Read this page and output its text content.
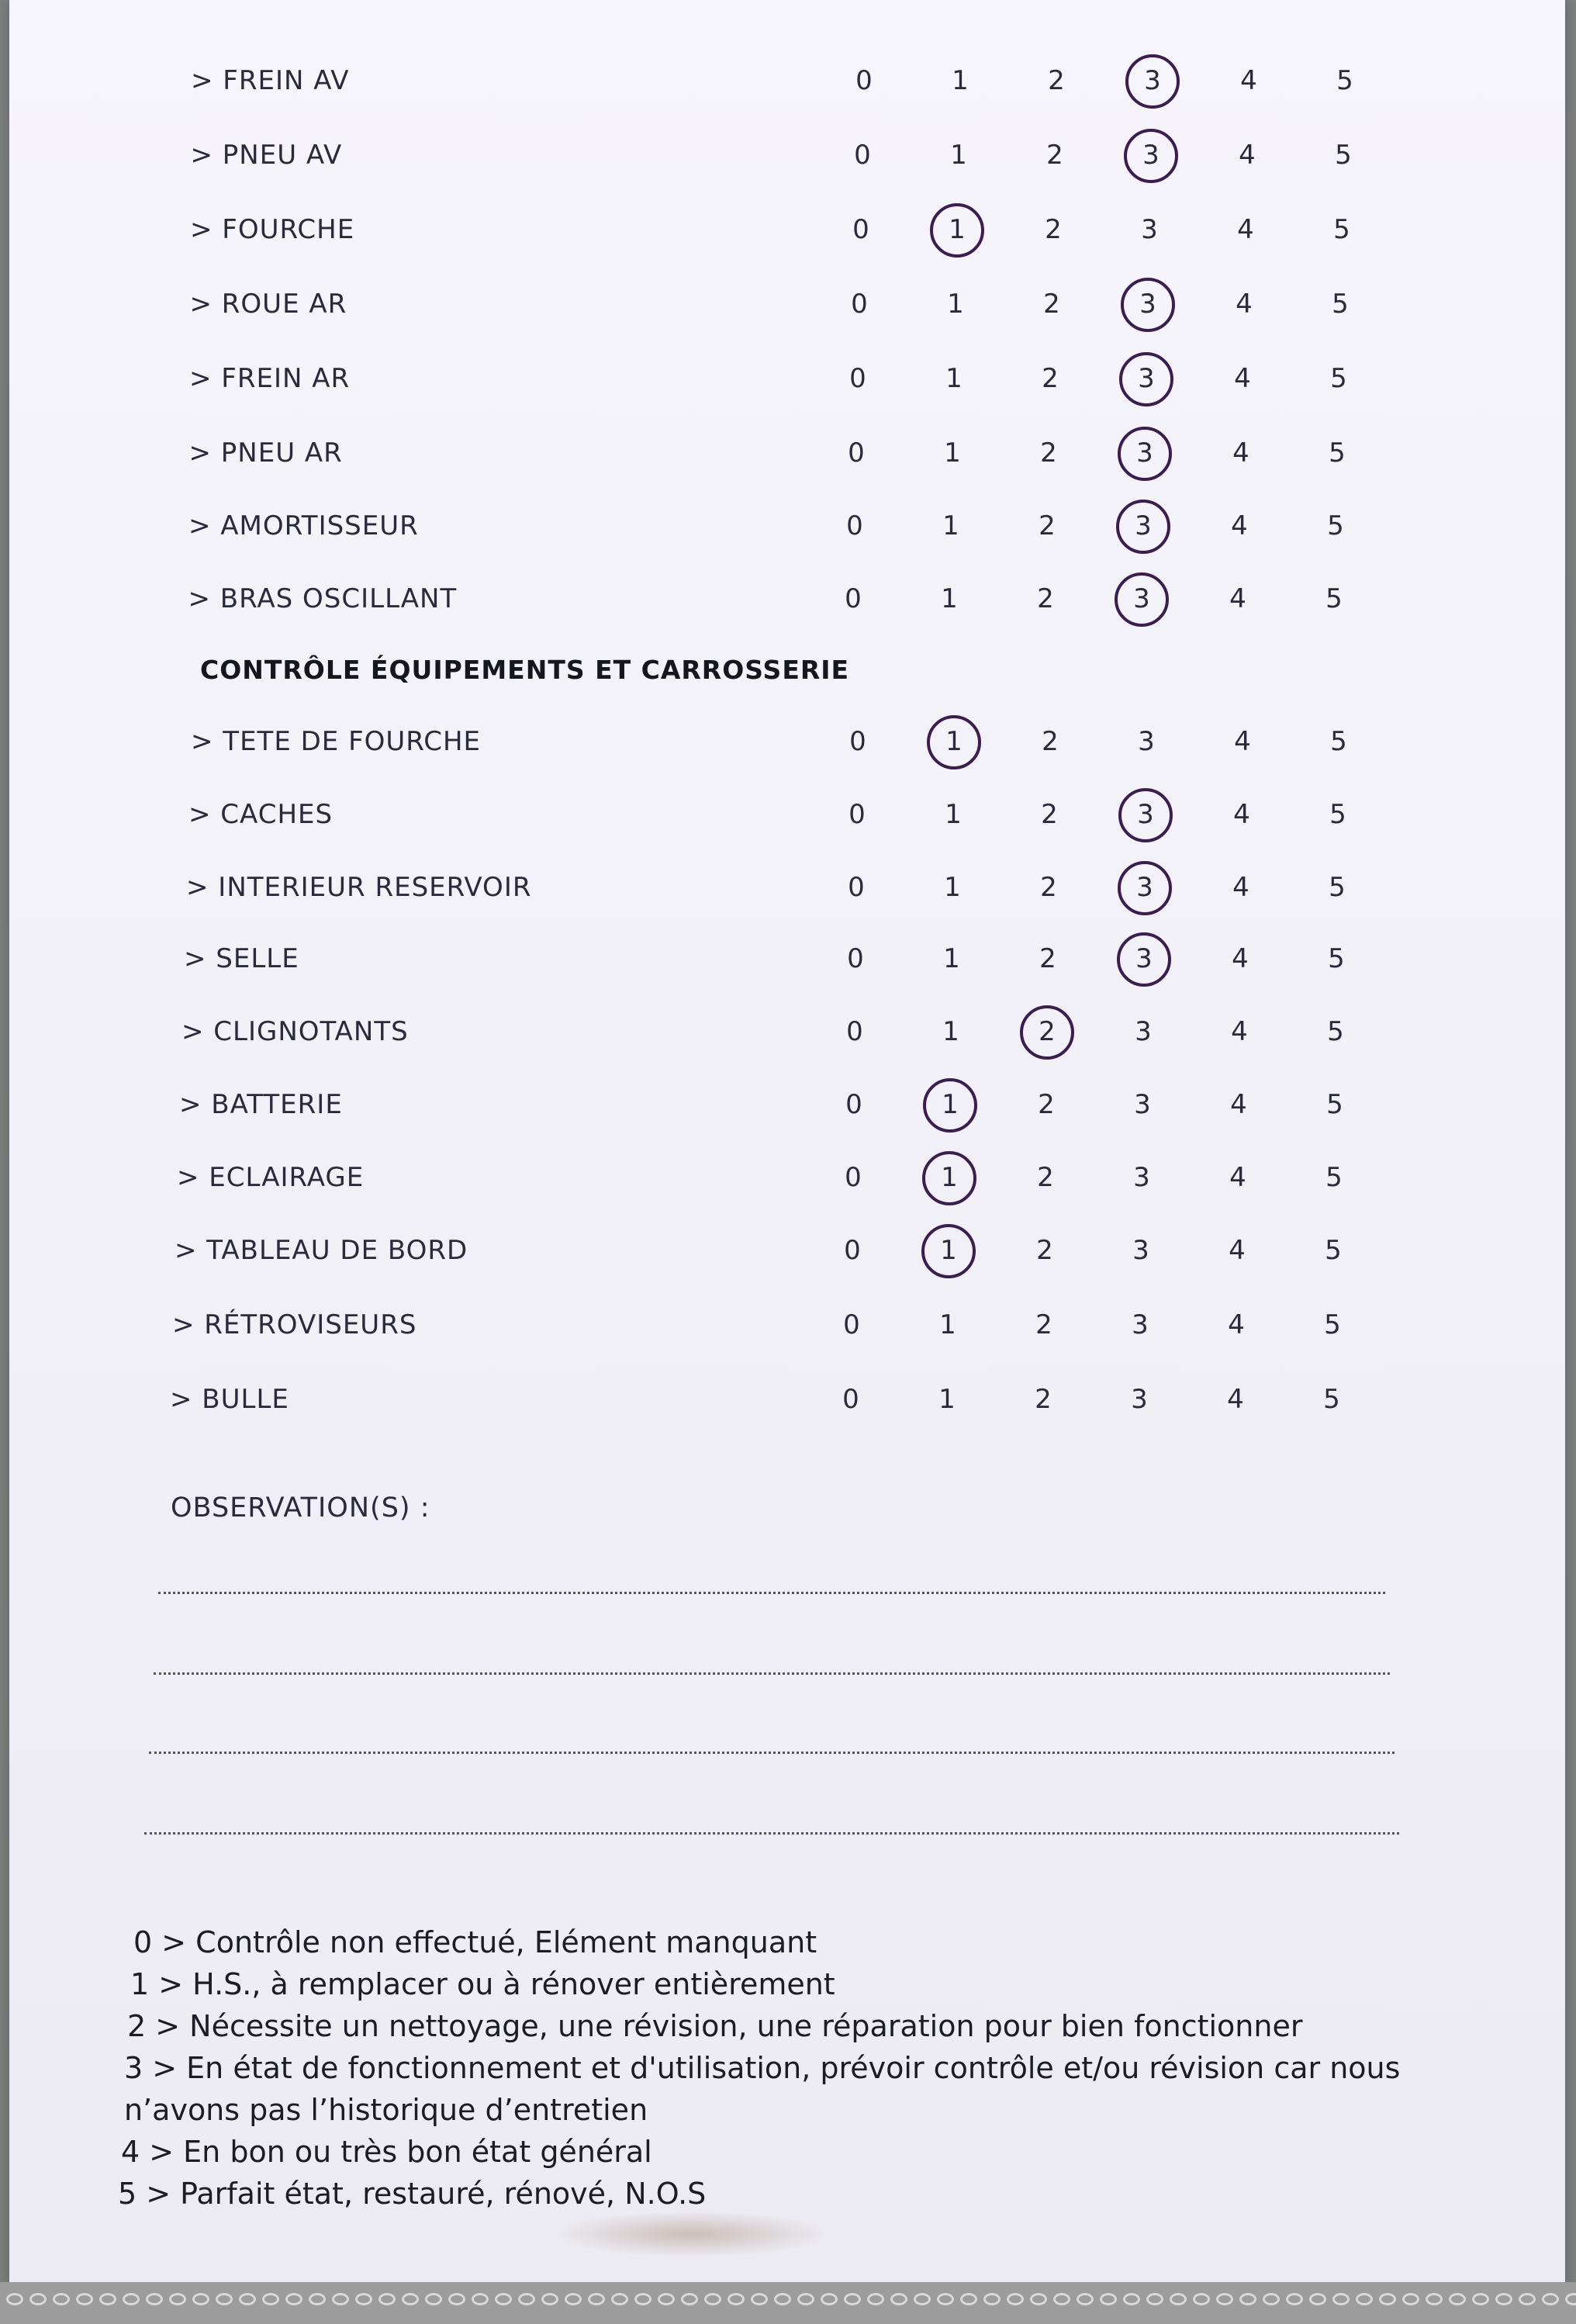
> FREIN AV	0	1	2	3	4	5
> PNEU AV	0	1	2	3	4	5
> FOURCHE	0	1	2	3	4	5
> ROUE AR	0	1	2	3	4	5
> FREIN AR	0	1	2	3	4	5
> PNEU AR	0	1	2	3	4	5
> AMORTISSEUR	0	1	2	3	4	5
> BRAS OSCILLANT	0	1	2	3	4	5
> TETE DE FOURCHE	0	1	2	3	4	5
> CACHES	0	1	2	3	4	5
> INTERIEUR RESERVOIR	0	1	2	3	4	5
> SELLE	0	1	2	3	4	5
> CLIGNOTANTS	0	1	2	3	4	5
> BATTERIE	0	1	2	3	4	5
> ECLAIRAGE	0	1	2	3	4	5
> TABLEAU DE BORD	0	1	2	3	4	5
> RÉTROVISEURS	0	1	2	3	4	5
> BULLE	0	1	2	3	4	5
CONTRÔLE ÉQUIPEMENTS ET CARROSSERIE
OBSERVATION(S) :
0 > Contrôle non effectué, Elément manquant
1 > H.S., à remplacer ou à rénover entièrement
2 > Nécessite un nettoyage, une révision, une réparation pour bien fonctionner
3 > En état de fonctionnement et d'utilisation, prévoir contrôle et/ou révision car nous
n’avons pas l’historique d’entretien
4 > En bon ou très bon état général
5 > Parfait état, restauré, rénové, N.O.S
